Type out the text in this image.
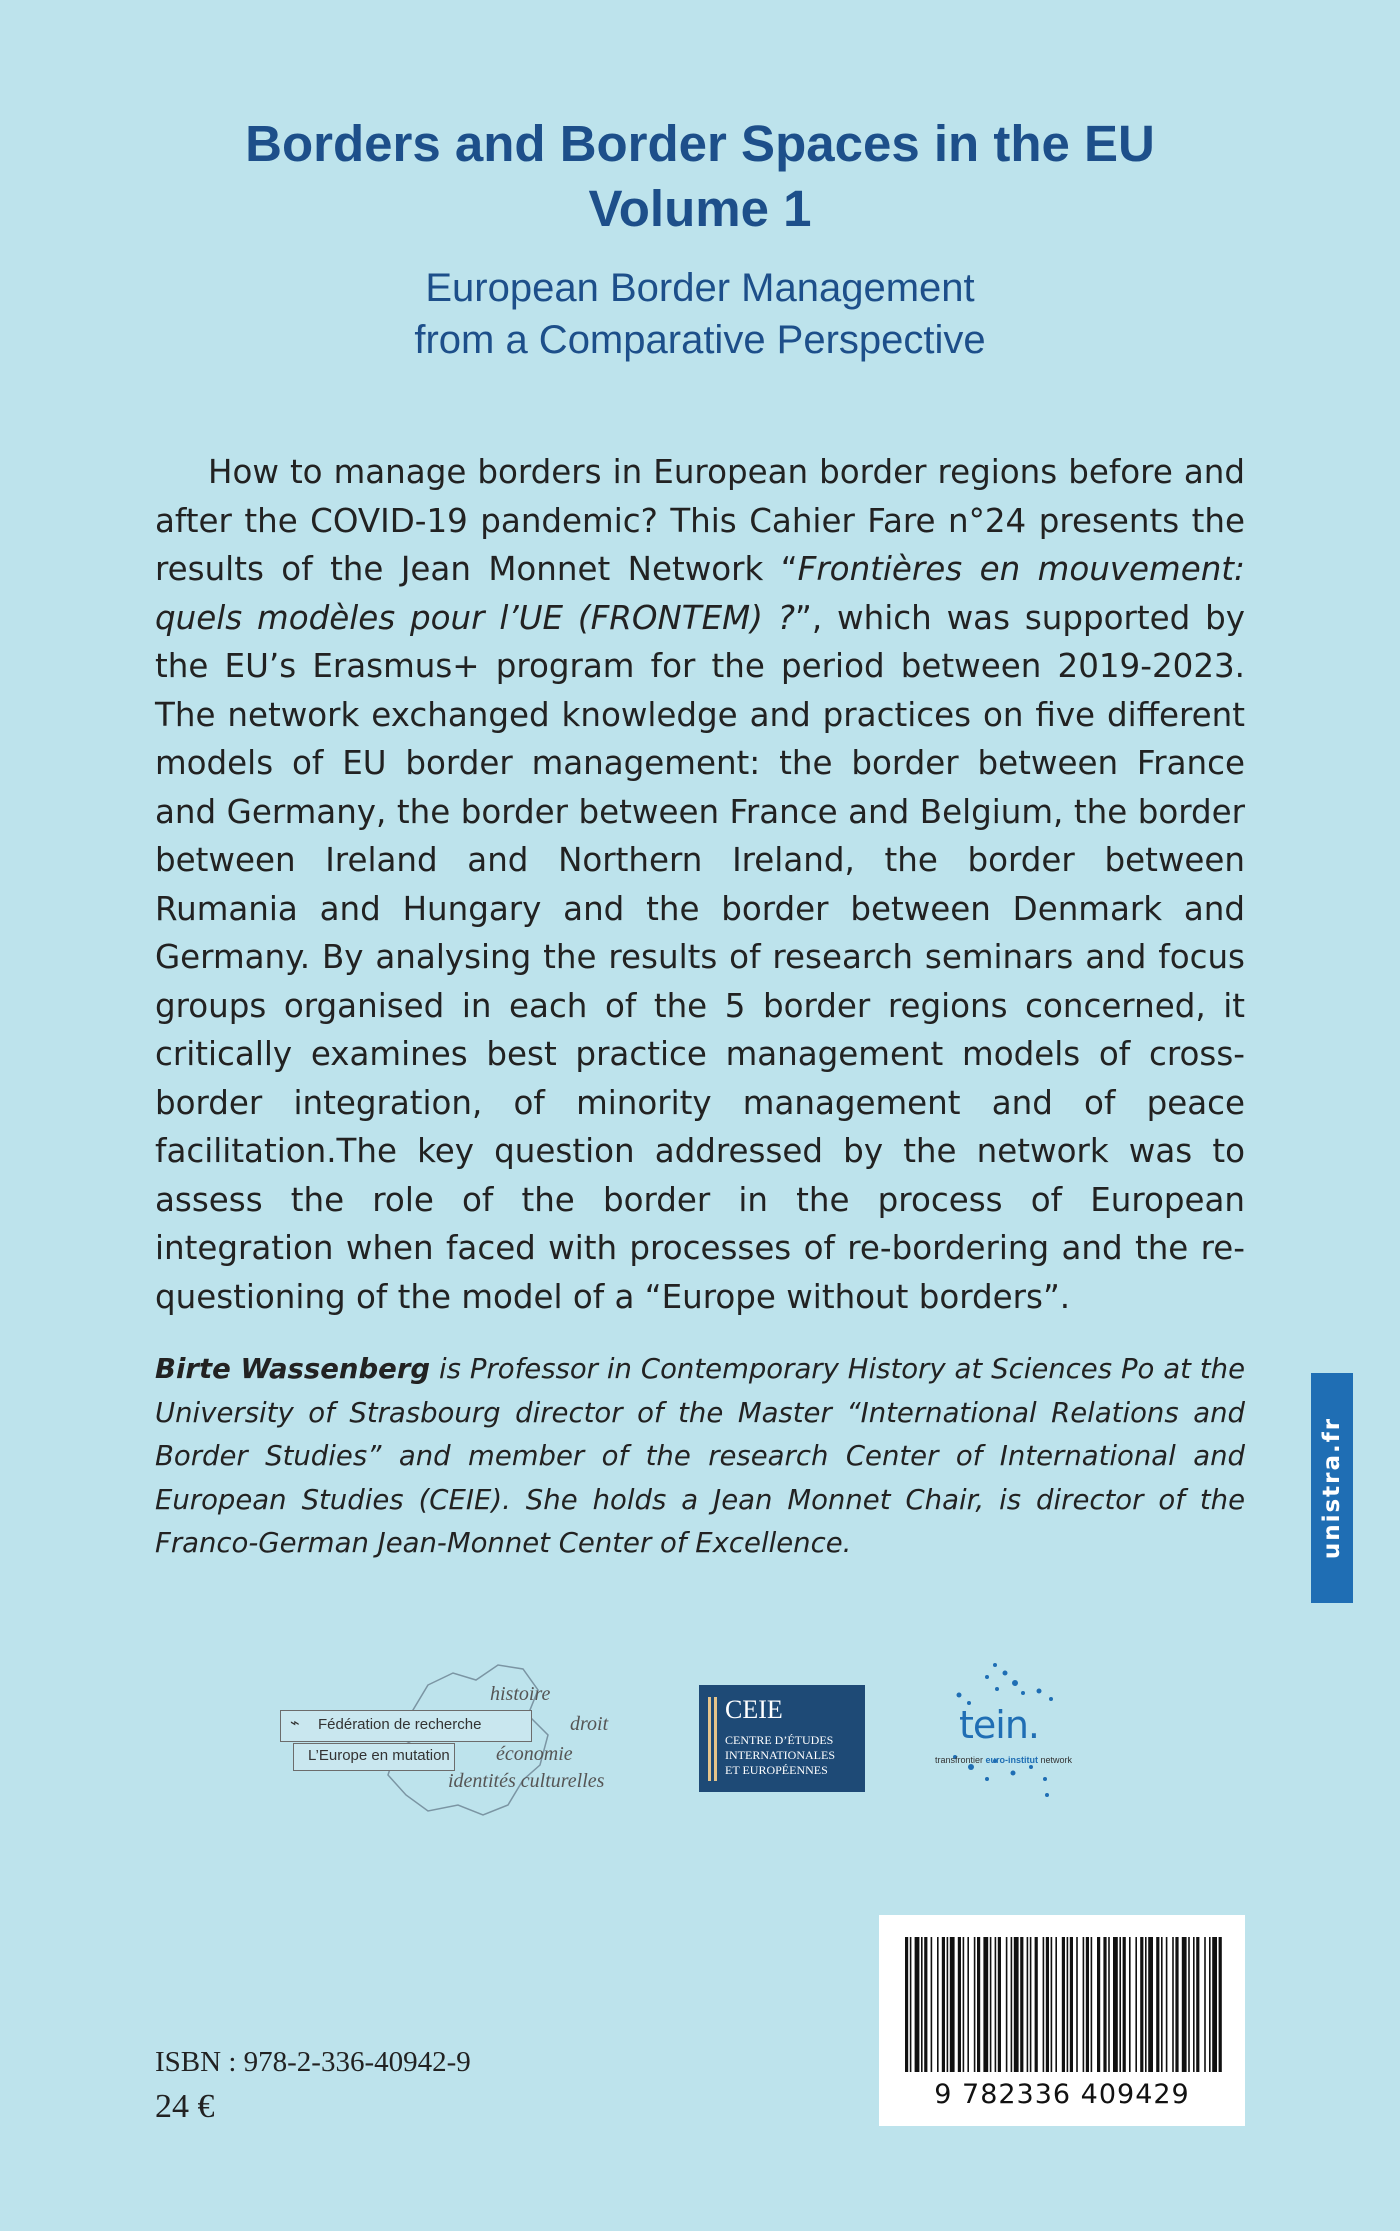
Borders and Border Spaces in the EU
Volume 1
European Border Management
from a Comparative Perspective

How to manage borders in European border regions before and after the COVID-19 pandemic? This Cahier Fare n°24 presents the results of the Jean Monnet Network “Frontières en mouvement: quels modèles pour l’UE (FRONTEM) ?”, which was supported by the EU’s Erasmus+ program for the period between 2019-2023. The network exchanged knowledge and practices on five different models of EU border management: the border between France and Germany, the border between France and Belgium, the border between Ireland and Northern Ireland, the border between Rumania and Hungary and the border between Denmark and Germany. By analysing the results of research seminars and focus groups organised in each of the 5 border regions concerned, it critically examines best practice management models of cross-border integration, of minority management and of peace facilitation.The key question addressed by the network was to assess the role of the border in the process of European integration when faced with processes of re-bordering and the re-questioning of the model of a “Europe without borders”.

Birte Wassenberg is Professor in Contemporary History at Sciences Po at the University of Strasbourg director of the Master “International Relations and Border Studies” and member of the research Center of International and European Studies (CEIE). She holds a Jean Monnet Chair, is director of the Franco-German Jean-Monnet Center of Excellence.	unistra.fr
⌁ Fédération de recherche
L’Europe en mutation
histoire
droit
économie
identités culturelles
CEIE
CENTRE D’ÉTUDES
INTERNATIONALES
ET EUROPÉENNES
tein.
transfrontier euro-institut network
ISBN : 978-2-336-40942-9
24 €	9 782336 409429
